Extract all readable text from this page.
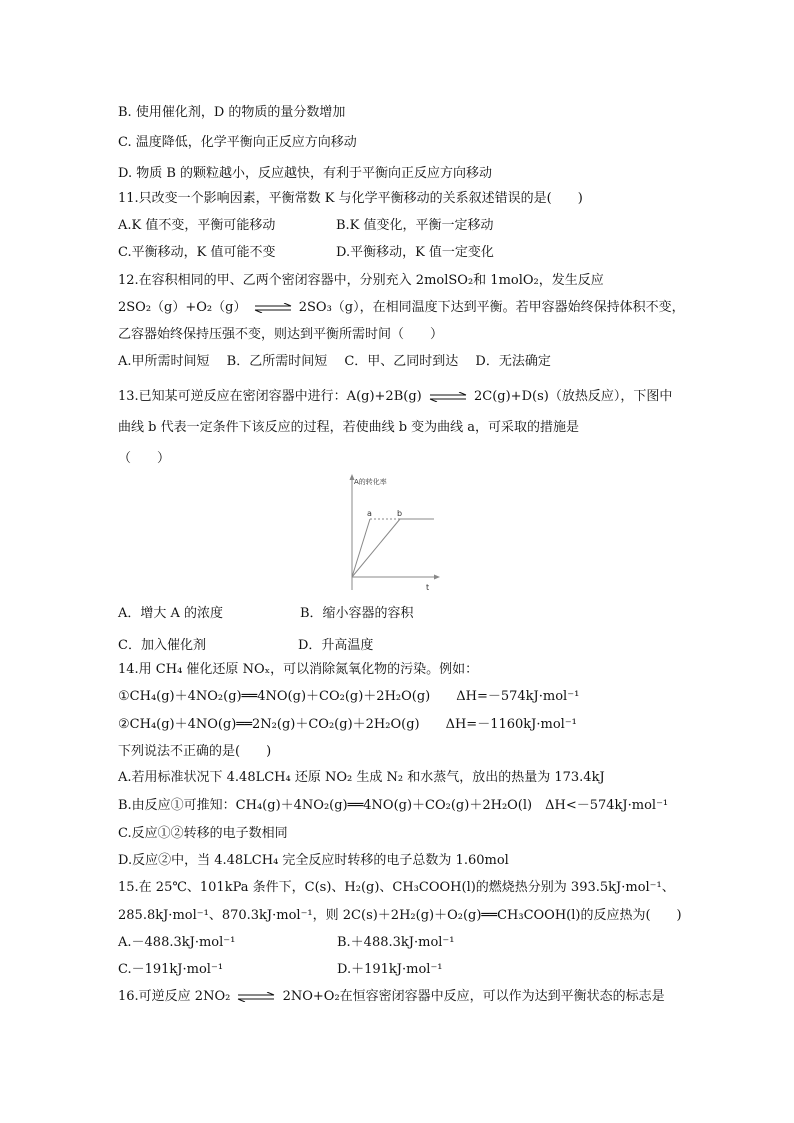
B. 使用催化剂，D 的物质的量分数增加
C. 温度降低，化学平衡向正反应方向移动
D. 物质 B 的颗粒越小，反应越快，有利于平衡向正反应方向移动
11.只改变一个影响因素，平衡常数 K 与化学平衡移动的关系叙述错误的是(　　)
A.K 值不变，平衡可能移动	B.K 值变化，平衡一定移动
C.平衡移动，K 值可能不变	D.平衡移动，K 值一定变化
12.在容积相同的甲、乙两个密闭容器中，分别充入 2molSO₂和 1molO₂，发生反应
2SO₂（g）+O₂（g） ⇌ 2SO₃（g），在相同温度下达到平衡。若甲容器始终保持体积不变，
乙容器始终保持压强不变，则达到平衡所需时间（　　）
A.甲所需时间短　 B．乙所需时间短　 C．甲、乙同时到达　 D．无法确定
13.已知某可逆反应在密闭容器中进行：A(g)+2B(g) ⇌ 2C(g)+D(s)（放热反应），下图中
曲线 b 代表一定条件下该反应的过程，若使曲线 b 变为曲线 a，可采取的措施是
（　　）
A的转化率
t
a	b
A．增大 A 的浓度	B．缩小容器的容积
C．加入催化剂	D．升高温度
14.用 CH₄ 催化还原 NOₓ，可以消除氮氧化物的污染。例如：
①CH₄(g)＋4NO₂(g)══4NO(g)＋CO₂(g)＋2H₂O(g)　　ΔH=－574kJ·mol⁻¹
②CH₄(g)＋4NO(g)══2N₂(g)＋CO₂(g)＋2H₂O(g)　　ΔH=－1160kJ·mol⁻¹
下列说法不正确的是(　　)
A.若用标准状况下 4.48LCH₄ 还原 NO₂ 生成 N₂ 和水蒸气，放出的热量为 173.4kJ
B.由反应①可推知：CH₄(g)＋4NO₂(g)══4NO(g)＋CO₂(g)＋2H₂O(l)　ΔH<－574kJ·mol⁻¹
C.反应①②转移的电子数相同
D.反应②中，当 4.48LCH₄ 完全反应时转移的电子总数为 1.60mol
15.在 25℃、101kPa 条件下，C(s)、H₂(g)、CH₃COOH(l)的燃烧热分别为 393.5kJ·mol⁻¹、
285.8kJ·mol⁻¹、870.3kJ·mol⁻¹，则 2C(s)＋2H₂(g)＋O₂(g)══CH₃COOH(l)的反应热为(　　)
A.－488.3kJ·mol⁻¹	B.＋488.3kJ·mol⁻¹
C.－191kJ·mol⁻¹	D.＋191kJ·mol⁻¹
16.可逆反应 2NO₂ ⇌ 2NO+O₂在恒容密闭容器中反应，可以作为达到平衡状态的标志是
